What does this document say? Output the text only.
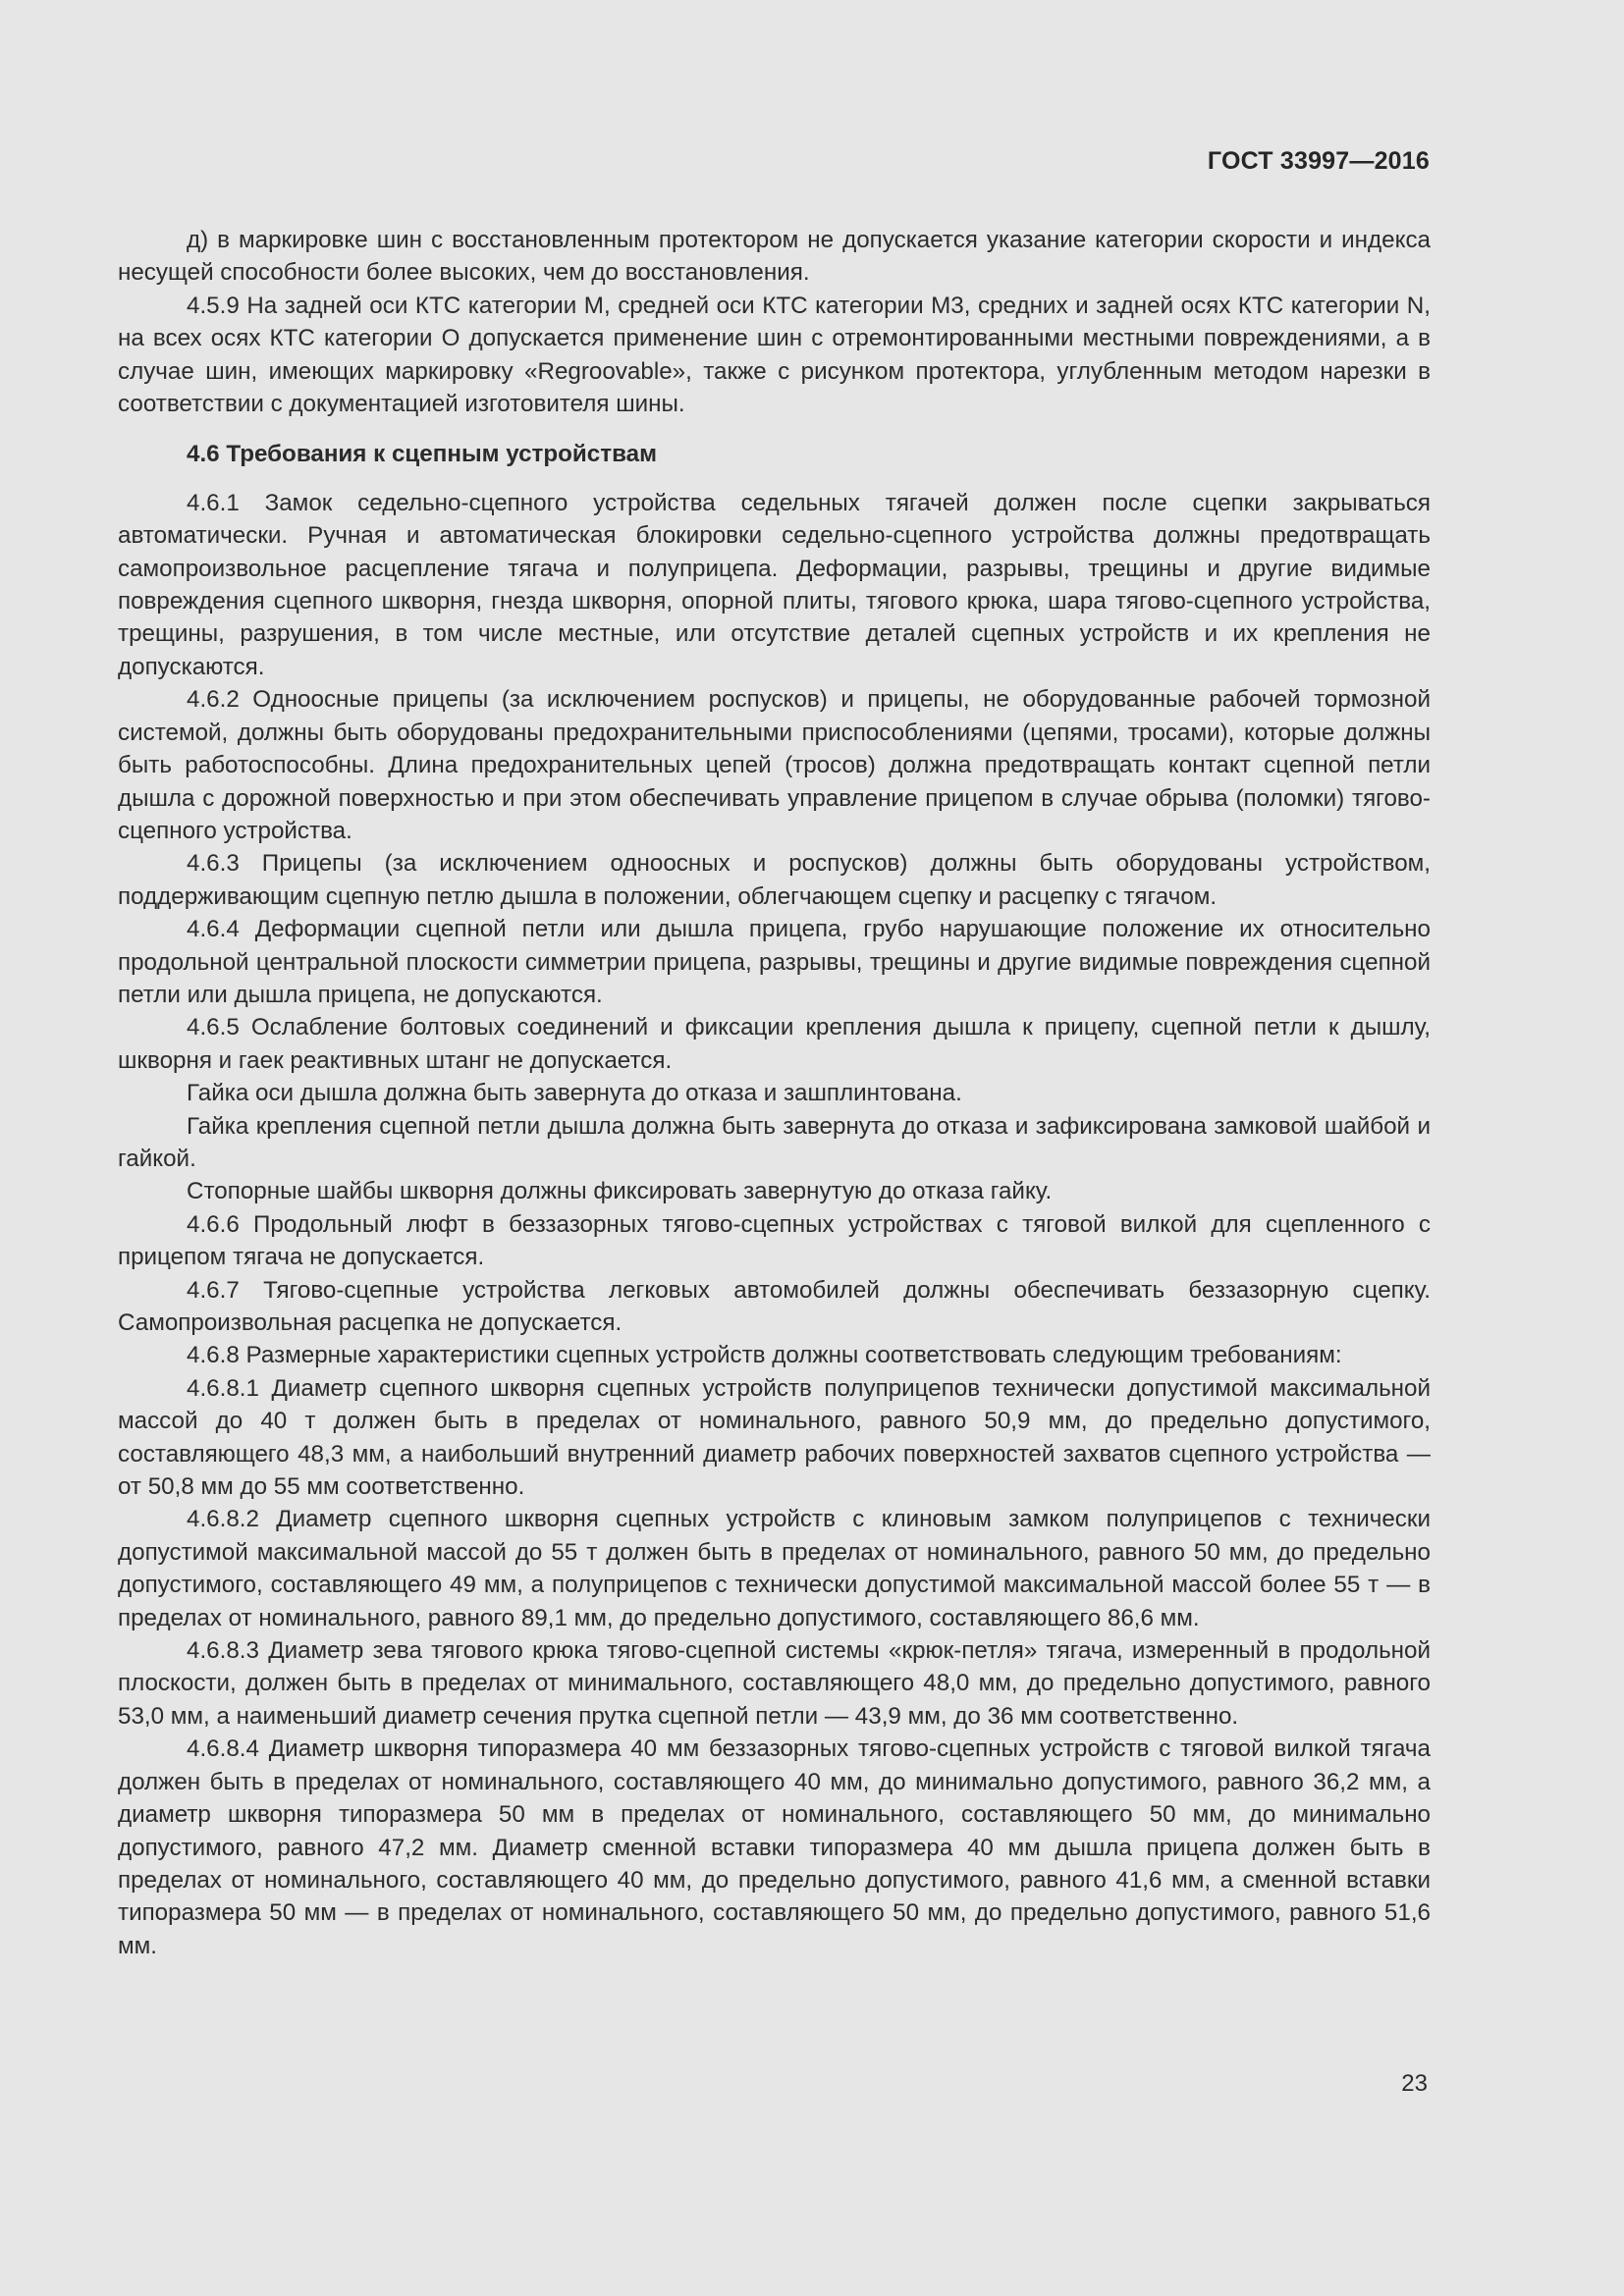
ГОСТ 33997—2016

д) в маркировке шин с восстановленным протектором не допускается указание категории скорости и индекса несущей способности более высоких, чем до восстановления.

4.5.9 На задней оси КТС категории M, средней оси КТС категории M3, средних и задней осях КТС категории N, на всех осях КТС категории O допускается применение шин с отремонтированными местными повреждениями, а в случае шин, имеющих маркировку «Regroovable», также с рисунком протектора, углубленным методом нарезки в соответствии с документацией изготовителя шины.

4.6 Требования к сцепным устройствам

4.6.1 Замок седельно-сцепного устройства седельных тягачей должен после сцепки закрываться автоматически. Ручная и автоматическая блокировки седельно-сцепного устройства должны предотвращать самопроизвольное расцепление тягача и полуприцепа. Деформации, разрывы, трещины и другие видимые повреждения сцепного шкворня, гнезда шкворня, опорной плиты, тягового крюка, шара тягово-сцепного устройства, трещины, разрушения, в том числе местные, или отсутствие деталей сцепных устройств и их крепления не допускаются.

4.6.2 Одноосные прицепы (за исключением роспусков) и прицепы, не оборудованные рабочей тормозной системой, должны быть оборудованы предохранительными приспособлениями (цепями, тросами), которые должны быть работоспособны. Длина предохранительных цепей (тросов) должна предотвращать контакт сцепной петли дышла с дорожной поверхностью и при этом обеспечивать управление прицепом в случае обрыва (поломки) тягово-сцепного устройства.

4.6.3 Прицепы (за исключением одноосных и роспусков) должны быть оборудованы устройством, поддерживающим сцепную петлю дышла в положении, облегчающем сцепку и расцепку с тягачом.

4.6.4 Деформации сцепной петли или дышла прицепа, грубо нарушающие положение их относительно продольной центральной плоскости симметрии прицепа, разрывы, трещины и другие видимые повреждения сцепной петли или дышла прицепа, не допускаются.

4.6.5 Ослабление болтовых соединений и фиксации крепления дышла к прицепу, сцепной петли к дышлу, шкворня и гаек реактивных штанг не допускается.

Гайка оси дышла должна быть завернута до отказа и зашплинтована.

Гайка крепления сцепной петли дышла должна быть завернута до отказа и зафиксирована замковой шайбой и гайкой.

Стопорные шайбы шкворня должны фиксировать завернутую до отказа гайку.

4.6.6 Продольный люфт в беззазорных тягово-сцепных устройствах с тяговой вилкой для сцепленного с прицепом тягача не допускается.

4.6.7 Тягово-сцепные устройства легковых автомобилей должны обеспечивать беззазорную сцепку. Самопроизвольная расцепка не допускается.

4.6.8 Размерные характеристики сцепных устройств должны соответствовать следующим требованиям:

4.6.8.1 Диаметр сцепного шкворня сцепных устройств полуприцепов технически допустимой максимальной массой до 40 т должен быть в пределах от номинального, равного 50,9 мм, до предельно допустимого, составляющего 48,3 мм, а наибольший внутренний диаметр рабочих поверхностей захватов сцепного устройства — от 50,8 мм до 55 мм соответственно.

4.6.8.2 Диаметр сцепного шкворня сцепных устройств с клиновым замком полуприцепов с технически допустимой максимальной массой до 55 т должен быть в пределах от номинального, равного 50 мм, до предельно допустимого, составляющего 49 мм, а полуприцепов с технически допустимой максимальной массой более 55 т — в пределах от номинального, равного 89,1 мм, до предельно допустимого, составляющего 86,6 мм.

4.6.8.3 Диаметр зева тягового крюка тягово-сцепной системы «крюк-петля» тягача, измеренный в продольной плоскости, должен быть в пределах от минимального, составляющего 48,0 мм, до предельно допустимого, равного 53,0 мм, а наименьший диаметр сечения прутка сцепной петли — 43,9 мм, до 36 мм соответственно.

4.6.8.4 Диаметр шкворня типоразмера 40 мм беззазорных тягово-сцепных устройств с тяговой вилкой тягача должен быть в пределах от номинального, составляющего 40 мм, до минимально допустимого, равного 36,2 мм, а диаметр шкворня типоразмера 50 мм в пределах от номинального, составляющего 50 мм, до минимально допустимого, равного 47,2 мм. Диаметр сменной вставки типоразмера 40 мм дышла прицепа должен быть в пределах от номинального, составляющего 40 мм, до предельно допустимого, равного 41,6 мм, а сменной вставки типоразмера 50 мм — в пределах от номинального, составляющего 50 мм, до предельно допустимого, равного 51,6 мм.

23
